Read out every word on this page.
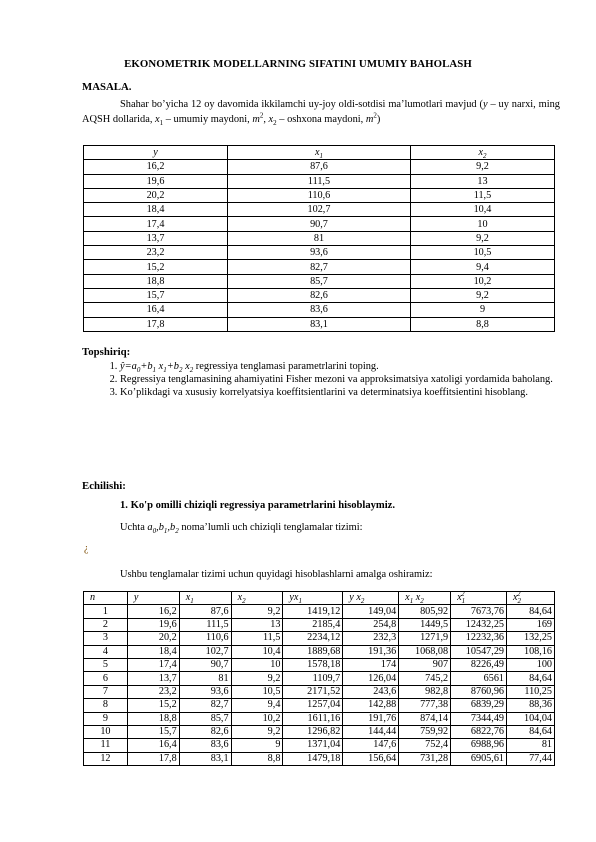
EKONOMETRIK MODELLARNING SIFATINI UMUMIY BAHOLASH
MASALA.
Shahar bo’yicha 12 oy davomida ikkilamchi uy-joy oldi-sotdisi ma’lumotlari mavjud (y – uy narxi, ming AQSH dollarida, $x_1$ – umumiy maydoni, $m^2$, $x_2$ – oshxona maydoni, $m^2$)
y	$x_1$	$x_2$
16,2	87,6	9,2
19,6	111,5	13
20,2	110,6	11,5
18,4	102,7	10,4
17,4	90,7	10
13,7	81	9,2
23,2	93,6	10,5
15,2	82,7	9,4
18,8	85,7	10,2
15,7	82,6	9,2
16,4	83,6	9
17,8	83,1	8,8
Topshiriq:
1. $ŷ=a_0+b_1$ $x_1+b_2$ $x_2$ regressiya tenglamasi parametrlarini toping.
2. Regressiya tenglamasining ahamiyatini Fisher mezoni va approksimatsiya xatoligi yordamida baholang.
3. Ko’plikdagi va xususiy korrelyatsiya koeffitsientlarini va determinatsiya koeffitsientini hisoblang.
Echilishi:
1. Ko'p omilli chiziqli regressiya parametrlarini hisoblaymiz.
Uchta $a_0,b_1,b_2$ noma’lumli uch chiziqli tenglamalar tizimi:
¿
Ushbu tenglamalar tizimi uchun quyidagi hisoblashlarni amalga oshiramiz:
n	y	$x_1$	$x_2$	$yx_1$	y $x_2$	$x_1$ $x_2$	$x_1^2$	$x_2^2$
1	16,2	87,6	9,2	1419,12	149,04	805,92	7673,76	84,64
2	19,6	111,5	13	2185,4	254,8	1449,5	12432,25	169
3	20,2	110,6	11,5	2234,12	232,3	1271,9	12232,36	132,25
4	18,4	102,7	10,4	1889,68	191,36	1068,08	10547,29	108,16
5	17,4	90,7	10	1578,18	174	907	8226,49	100
6	13,7	81	9,2	1109,7	126,04	745,2	6561	84,64
7	23,2	93,6	10,5	2171,52	243,6	982,8	8760,96	110,25
8	15,2	82,7	9,4	1257,04	142,88	777,38	6839,29	88,36
9	18,8	85,7	10,2	1611,16	191,76	874,14	7344,49	104,04
10	15,7	82,6	9,2	1296,82	144,44	759,92	6822,76	84,64
11	16,4	83,6	9	1371,04	147,6	752,4	6988,96	81
12	17,8	83,1	8,8	1479,18	156,64	731,28	6905,61	77,44
